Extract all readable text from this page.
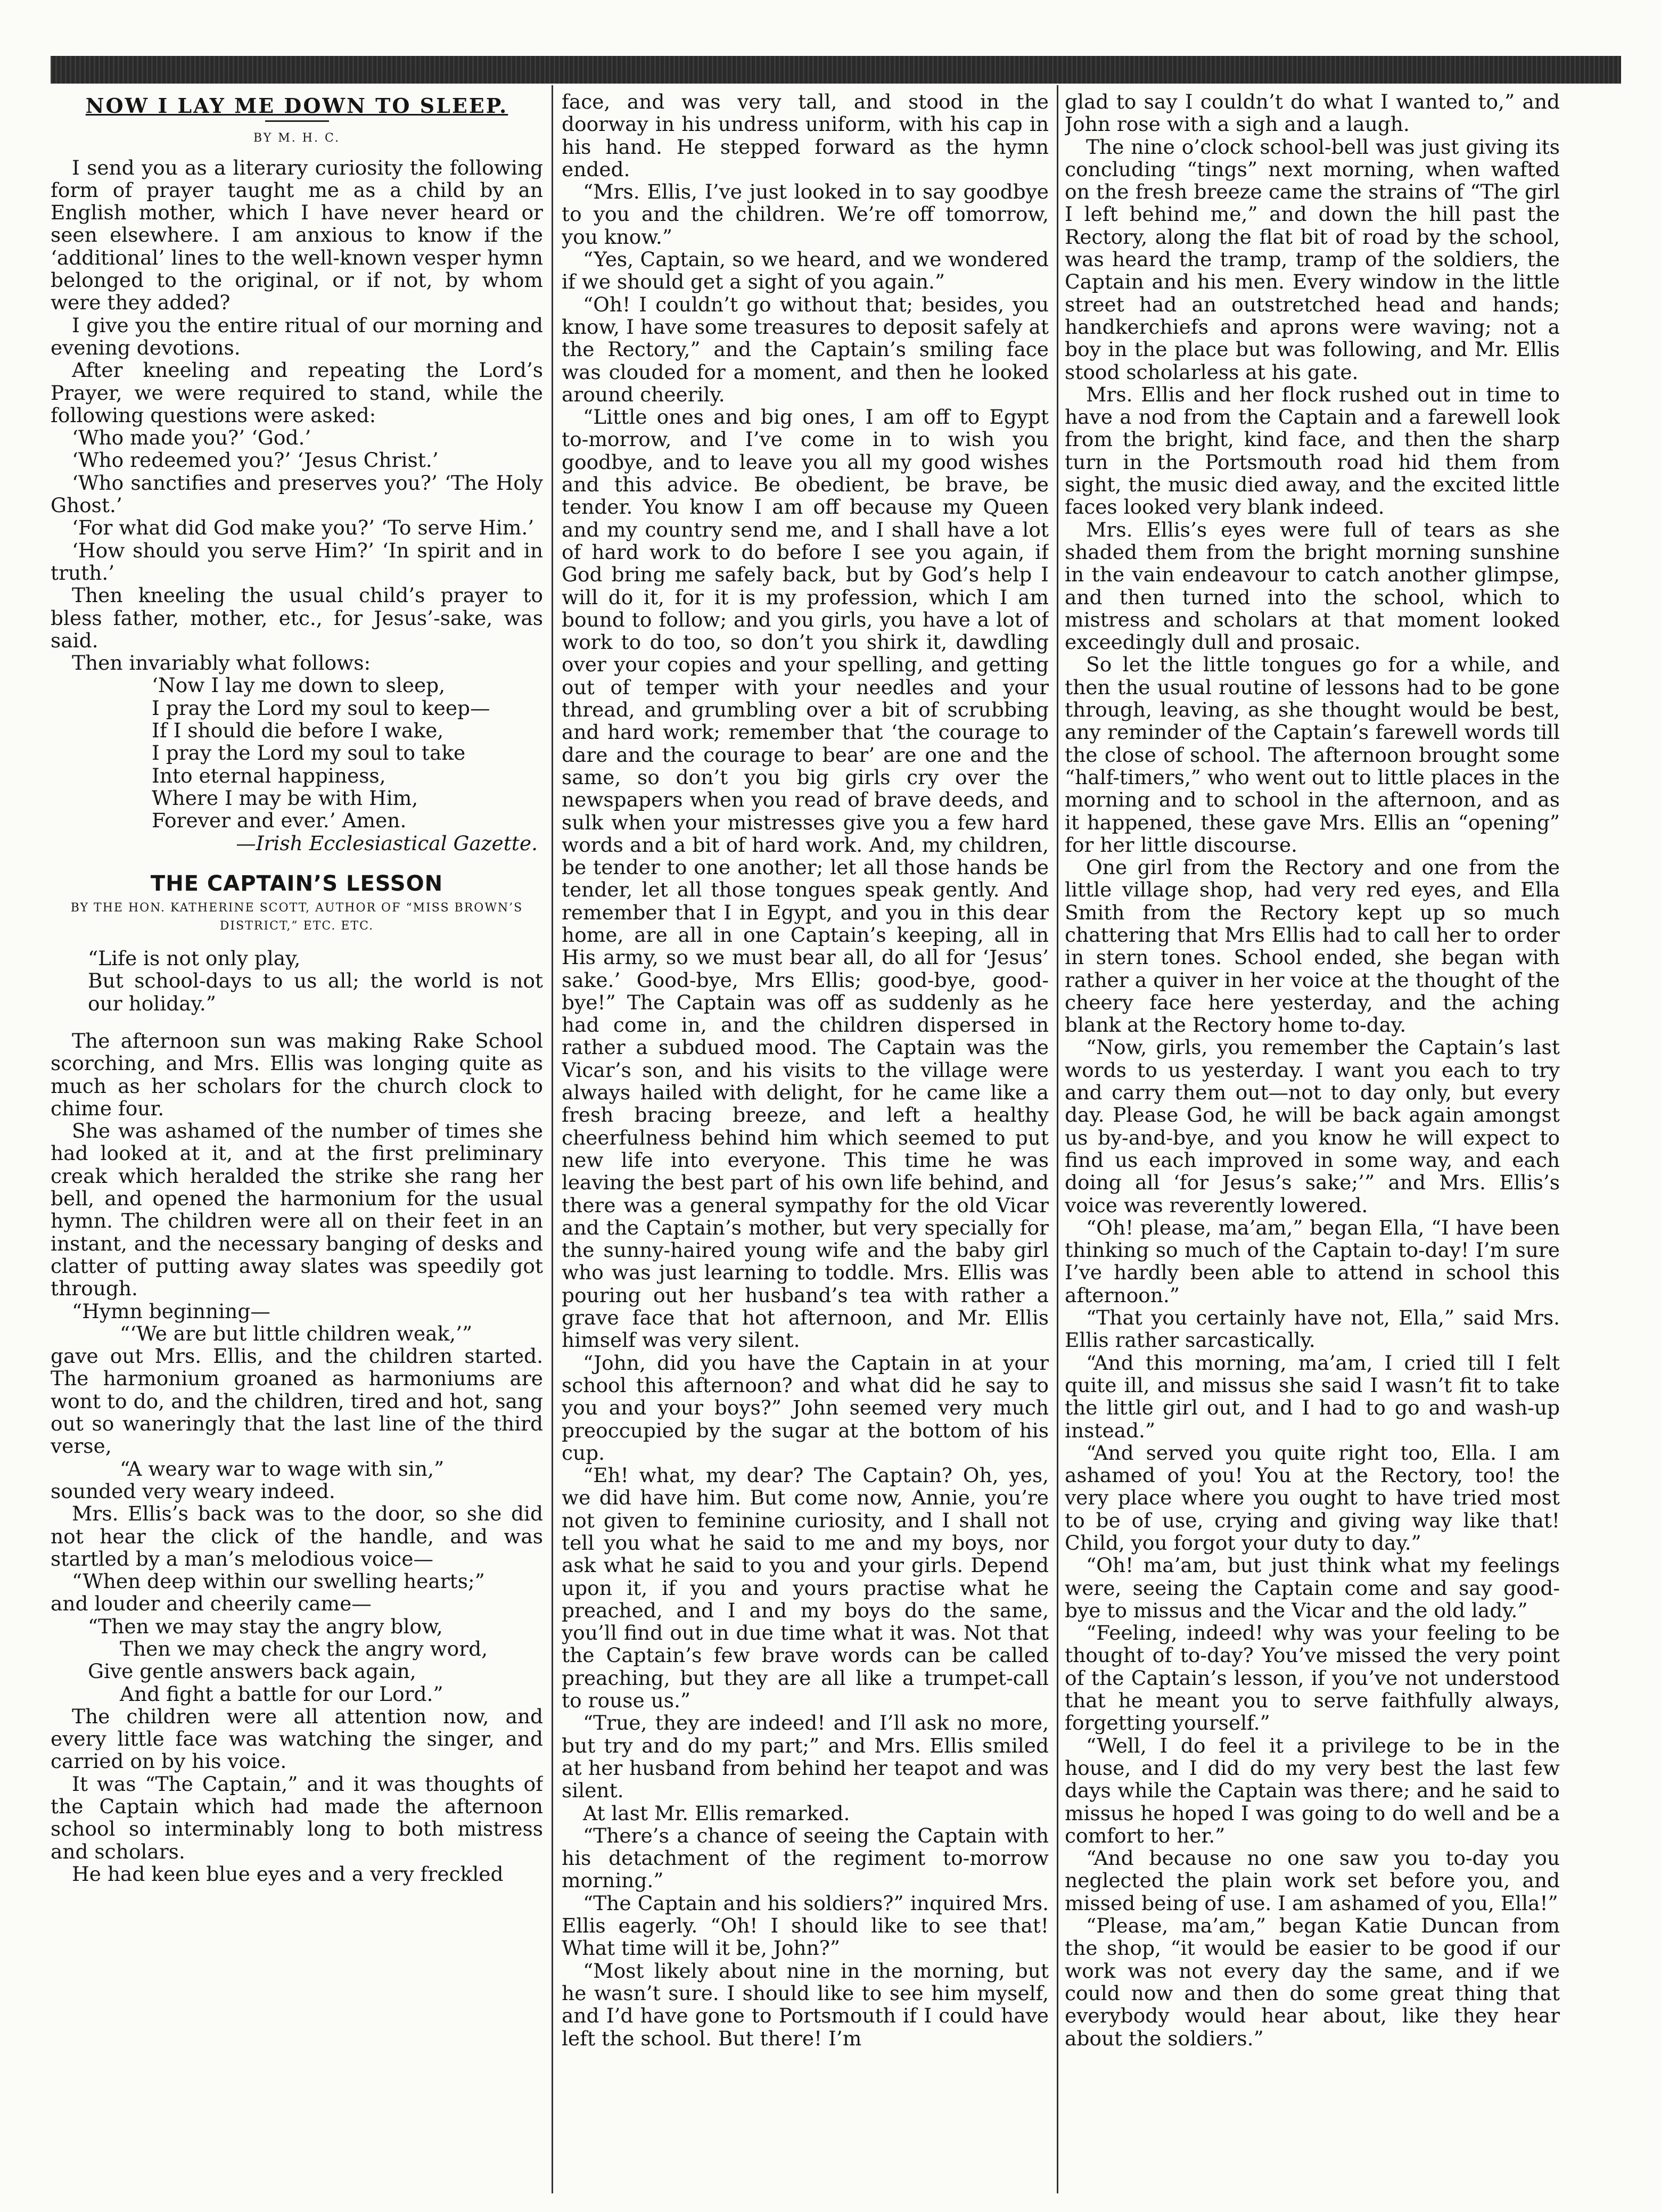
NOW I LAY ME DOWN TO SLEEP.
BY M. H. C.

I send you as a literary curiosity the following form of prayer taught me as a child by an English mother, which I have never heard or seen elsewhere. I am anxious to know if the ‘additional’ lines to the well-known vesper hymn belonged to the original, or if not, by whom were they added?

I give you the entire ritual of our morning and evening devotions.

After kneeling and repeating the Lord’s Prayer, we were required to stand, while the following questions were asked:

‘Who made you?’ ‘God.’

‘Who redeemed you?’ ‘Jesus Christ.’

‘Who sanctifies and preserves you?’ ‘The Holy Ghost.’

‘For what did God make you?’ ‘To serve Him.’

‘How should you serve Him?’ ‘In spirit and in truth.’

Then kneeling the usual child’s prayer to bless father, mother, etc., for Jesus’-sake, was said.

Then invariably what follows:

‘Now I lay me down to sleep,

I pray the Lord my soul to keep—

If I should die before I wake,

I pray the Lord my soul to take

Into eternal happiness,

Where I may be with Him,

Forever and ever.’ Amen.

—Irish Ecclesiastical Gazette.

THE CAPTAIN’S LESSON
BY THE HON. KATHERINE SCOTT, AUTHOR OF “MISS BROWN’S DISTRICT,” ETC. ETC.

“Life is not only play,

But school-days to us all; the world is not our holiday.”

The afternoon sun was making Rake School scorching, and Mrs. Ellis was longing quite as much as her scholars for the church clock to chime four.

She was ashamed of the number of times she had looked at it, and at the first preliminary creak which heralded the strike she rang her bell, and opened the harmonium for the usual hymn. The children were all on their feet in an instant, and the necessary banging of desks and clatter of putting away slates was speedily got through.

“Hymn beginning—

“‘We are but little children weak,’”

gave out Mrs. Ellis, and the children started. The harmonium groaned as harmoniums are wont to do, and the children, tired and hot, sang out so waneringly that the last line of the third verse,

“A weary war to wage with sin,”

sounded very weary indeed.

Mrs. Ellis’s back was to the door, so she did not hear the click of the handle, and was startled by a man’s melodious voice—

“When deep within our swelling hearts;”

and louder and cheerily came—

“Then we may stay the angry blow,

Then we may check the angry word,

Give gentle answers back again,

And fight a battle for our Lord.”

The children were all attention now, and every little face was watching the singer, and carried on by his voice.

It was “The Captain,” and it was thoughts of the Captain which had made the afternoon school so interminably long to both mistress and scholars.

He had keen blue eyes and a very freckled

face, and was very tall, and stood in the doorway in his undress uniform, with his cap in his hand. He stepped forward as the hymn ended.

“Mrs. Ellis, I’ve just looked in to say goodbye to you and the children. We’re off tomorrow, you know.”

“Yes, Captain, so we heard, and we wondered if we should get a sight of you again.”

“Oh! I couldn’t go without that; besides, you know, I have some treasures to deposit safely at the Rectory,” and the Captain’s smiling face was clouded for a moment, and then he looked around cheerily.

“Little ones and big ones, I am off to Egypt to-morrow, and I’ve come in to wish you goodbye, and to leave you all my good wishes and this advice. Be obedient, be brave, be tender. You know I am off because my Queen and my country send me, and I shall have a lot of hard work to do before I see you again, if God bring me safely back, but by God’s help I will do it, for it is my profession, which I am bound to follow; and you girls, you have a lot of work to do too, so don’t you shirk it, dawdling over your copies and your spelling, and getting out of temper with your needles and your thread, and grumbling over a bit of scrubbing and hard work; remember that ‘the courage to dare and the courage to bear’ are one and the same, so don’t you big girls cry over the newspapers when you read of brave deeds, and sulk when your mistresses give you a few hard words and a bit of hard work. And, my children, be tender to one another; let all those hands be tender, let all those tongues speak gently. And remember that I in Egypt, and you in this dear home, are all in one Captain’s keeping, all in His army, so we must bear all, do all for ‘Jesus’ sake.’ Good-bye, Mrs Ellis; good-bye, good-bye!” The Captain was off as suddenly as he had come in, and the children dispersed in rather a subdued mood. The Captain was the Vicar’s son, and his visits to the village were always hailed with delight, for he came like a fresh bracing breeze, and left a healthy cheerfulness behind him which seemed to put new life into everyone. This time he was leaving the best part of his own life behind, and there was a general sympathy for the old Vicar and the Captain’s mother, but very specially for the sunny-haired young wife and the baby girl who was just learning to toddle. Mrs. Ellis was pouring out her husband’s tea with rather a grave face that hot afternoon, and Mr. Ellis himself was very silent.

“John, did you have the Captain in at your school this afternoon? and what did he say to you and your boys?” John seemed very much preoccupied by the sugar at the bottom of his cup.

“Eh! what, my dear? The Captain? Oh, yes, we did have him. But come now, Annie, you’re not given to feminine curiosity, and I shall not tell you what he said to me and my boys, nor ask what he said to you and your girls. Depend upon it, if you and yours practise what he preached, and I and my boys do the same, you’ll find out in due time what it was. Not that the Captain’s few brave words can be called preaching, but they are all like a trumpet-call to rouse us.”

“True, they are indeed! and I’ll ask no more, but try and do my part;” and Mrs. Ellis smiled at her husband from behind her teapot and was silent.

At last Mr. Ellis remarked.

“There’s a chance of seeing the Captain with his detachment of the regiment to-morrow morning.”

“The Captain and his soldiers?” inquired Mrs. Ellis eagerly. “Oh! I should like to see that! What time will it be, John?”

“Most likely about nine in the morning, but he wasn’t sure. I should like to see him myself, and I’d have gone to Portsmouth if I could have left the school. But there! I’m

glad to say I couldn’t do what I wanted to,” and John rose with a sigh and a laugh.

The nine o’clock school-bell was just giving its concluding “tings” next morning, when wafted on the fresh breeze came the strains of “The girl I left behind me,” and down the hill past the Rectory, along the flat bit of road by the school, was heard the tramp, tramp of the soldiers, the Captain and his men. Every window in the little street had an outstretched head and hands; handkerchiefs and aprons were waving; not a boy in the place but was following, and Mr. Ellis stood scholarless at his gate.

Mrs. Ellis and her flock rushed out in time to have a nod from the Captain and a farewell look from the bright, kind face, and then the sharp turn in the Portsmouth road hid them from sight, the music died away, and the excited little faces looked very blank indeed.

Mrs. Ellis’s eyes were full of tears as she shaded them from the bright morning sunshine in the vain endeavour to catch another glimpse, and then turned into the school, which to mistress and scholars at that moment looked exceedingly dull and prosaic.

So let the little tongues go for a while, and then the usual routine of lessons had to be gone through, leaving, as she thought would be best, any reminder of the Captain’s farewell words till the close of school. The afternoon brought some “half-timers,” who went out to little places in the morning and to school in the afternoon, and as it happened, these gave Mrs. Ellis an “opening” for her little discourse.

One girl from the Rectory and one from the little village shop, had very red eyes, and Ella Smith from the Rectory kept up so much chattering that Mrs Ellis had to call her to order in stern tones. School ended, she began with rather a quiver in her voice at the thought of the cheery face here yesterday, and the aching blank at the Rectory home to-day.

“Now, girls, you remember the Captain’s last words to us yesterday. I want you each to try and carry them out—not to day only, but every day. Please God, he will be back again amongst us by-and-bye, and you know he will expect to find us each improved in some way, and each doing all ‘for Jesus’s sake;’” and Mrs. Ellis’s voice was reverently lowered.

“Oh! please, ma’am,” began Ella, “I have been thinking so much of the Captain to-day! I’m sure I’ve hardly been able to attend in school this afternoon.”

“That you certainly have not, Ella,” said Mrs. Ellis rather sarcastically.

“And this morning, ma’am, I cried till I felt quite ill, and missus she said I wasn’t fit to take the little girl out, and I had to go and wash-up instead.”

“And served you quite right too, Ella. I am ashamed of you! You at the Rectory, too! the very place where you ought to have tried most to be of use, crying and giving way like that! Child, you forgot your duty to day.”

“Oh! ma’am, but just think what my feelings were, seeing the Captain come and say good-bye to missus and the Vicar and the old lady.”

“Feeling, indeed! why was your feeling to be thought of to-day? You’ve missed the very point of the Captain’s lesson, if you’ve not understood that he meant you to serve faithfully always, forgetting yourself.”

“Well, I do feel it a privilege to be in the house, and I did do my very best the last few days while the Captain was there; and he said to missus he hoped I was going to do well and be a comfort to her.”

“And because no one saw you to-day you neglected the plain work set before you, and missed being of use. I am ashamed of you, Ella!”

“Please, ma’am,” began Katie Duncan from the shop, “it would be easier to be good if our work was not every day the same, and if we could now and then do some great thing that everybody would hear about, like they hear about the soldiers.”
